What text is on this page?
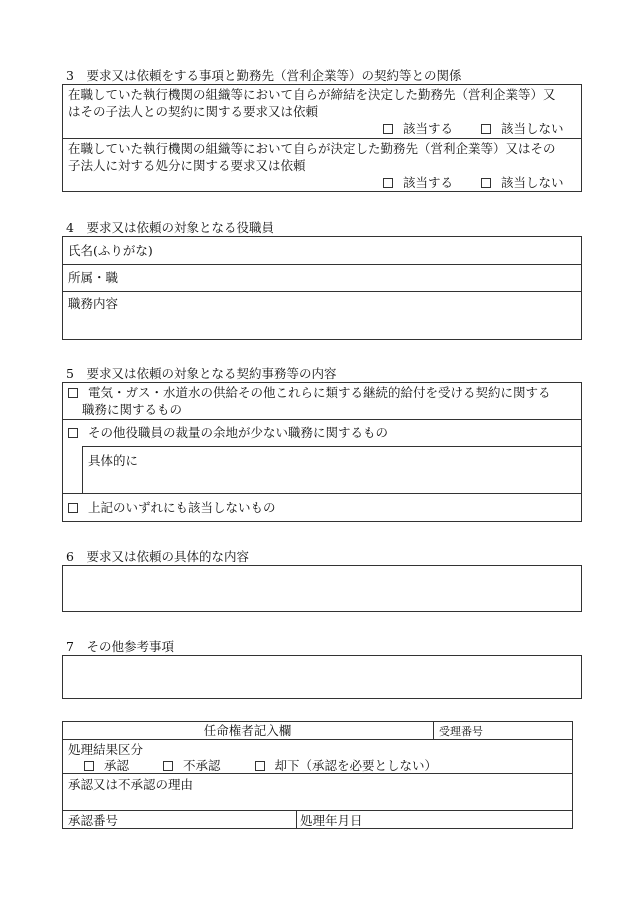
3　要求又は依頼をする事項と勤務先（営利企業等）の契約等との関係
在職していた執行機関の組織等において自らが締結を決定した勤務先（営利企業等）又
はその子法人との契約に関する要求又は依頼
該当する	該当しない
在職していた執行機関の組織等において自らが決定した勤務先（営利企業等）又はその
子法人に対する処分に関する要求又は依頼
該当する	該当しない
4　要求又は依頼の対象となる役職員
氏名(ふりがな)
所属・職
職務内容
5　要求又は依頼の対象となる契約事務等の内容
電気・ガス・水道水の供給その他これらに類する継続的給付を受ける契約に関する
職務に関するもの
その他役職員の裁量の余地が少ない職務に関するもの
具体的に
上記のいずれにも該当しないもの
6　要求又は依頼の具体的な内容
7　その他参考事項
任命権者記入欄	受理番号
処理結果区分
承認	不承認	却下（承認を必要としない）
承認又は不承認の理由
承認番号	処理年月日
